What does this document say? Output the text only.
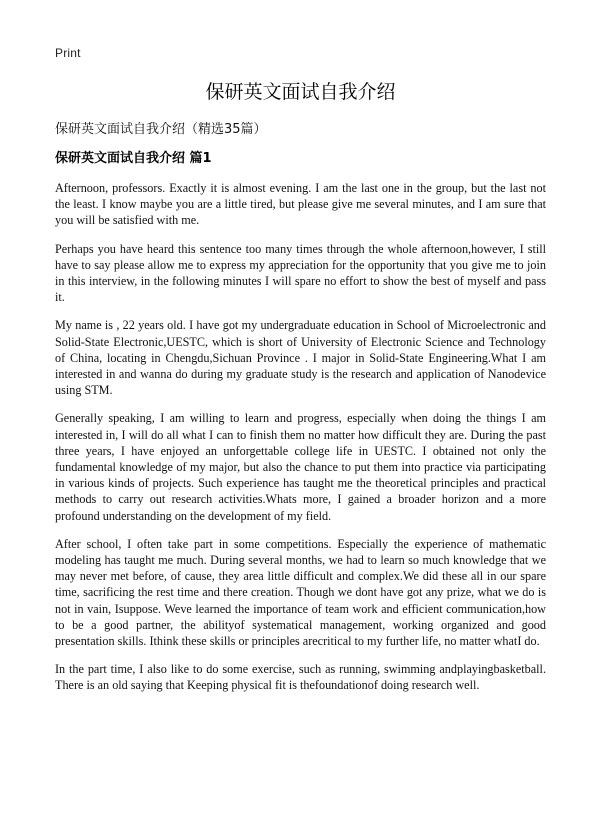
Print
保研英文面试自我介绍

保研英文面试自我介绍（精选35篇）

保研英文面试自我介绍 篇1

Afternoon, professors. Exactly it is almost evening. I am the last one in the group, but the last not the least. I know maybe you are a little tired, but please give me several minutes, and I am sure that you will be satisfied with me.

Perhaps you have heard this sentence too many times through the whole afternoon,however, I still have to say please allow me to express my appreciation for the opportunity that you give me to join in this interview, in the following minutes I will spare no effort to show the best of myself and pass it.

My name is , 22 years old. I have got my undergraduate education in School of Microelectronic and Solid-State Electronic,UESTC, which is short of University of Electronic Science and Technology of China, locating in Chengdu,Sichuan Province . I major in Solid-State Engineering.What I am interested in and wanna do during my graduate study is the research and application of Nanodevice using STM.

Generally speaking, I am willing to learn and progress, especially when doing the things I am interested in, I will do all what I can to finish them no matter how difficult they are. During the past three years, I have enjoyed an unforgettable college life in UESTC. I obtained not only the fundamental knowledge of my major, but also the chance to put them into practice via participating in various kinds of projects. Such experience has taught me the theoretical principles and practical methods to carry out research activities.Whats more, I gained a broader horizon and a more profound understanding on the development of my field.

After school, I often take part in some competitions. Especially the experience of mathematic modeling has taught me much. During several months, we had to learn so much knowledge that we may never met before, of cause, they area little difficult and complex.We did these all in our spare time, sacrificing the rest time and there creation. Though we dont have got any prize, what we do is not in vain, Isuppose. Weve learned the importance of team work and efficient communication,how to be a good partner, the abilityof systematical management, working organized and good presentation skills. Ithink these skills or principles arecritical to my further life, no matter whatI do.

In the part time, I also like to do some exercise, such as running, swimming andplayingbasketball. There is an old saying that Keeping physical fit is thefoundationof doing research well.
